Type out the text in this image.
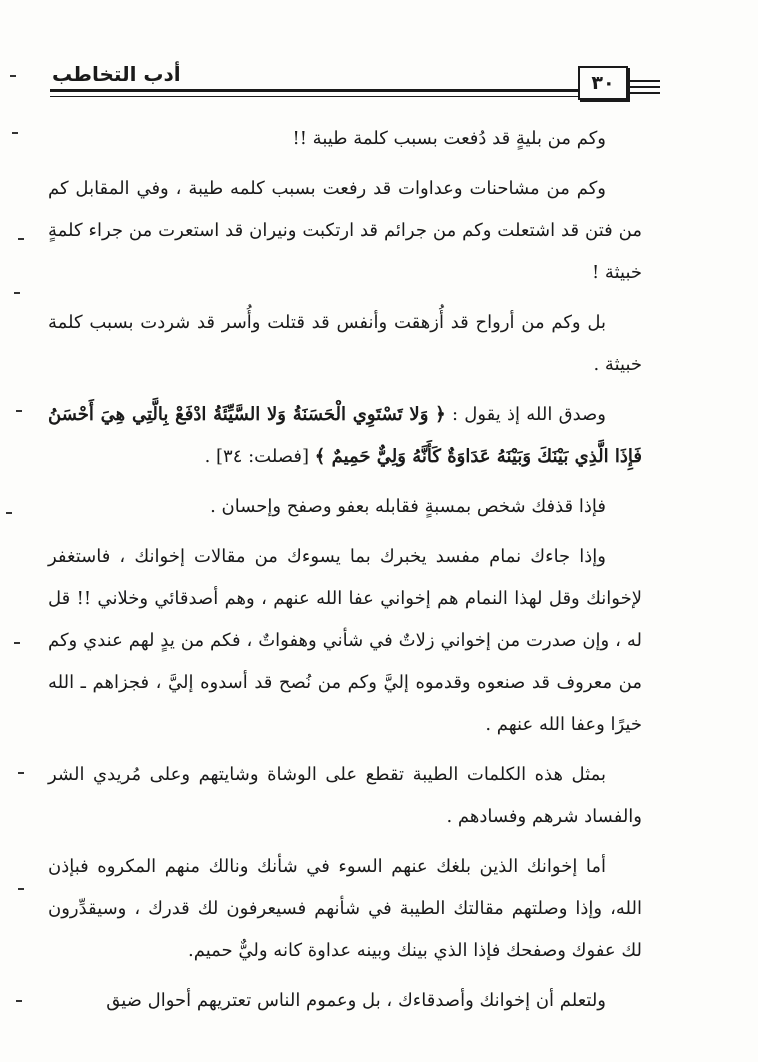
أدب التخاطب	٣٠

وكم من بليةٍ قد دُفعت بسبب كلمة طيبة !!

وكم من مشاحنات وعداوات قد رفعت بسبب كلمه طيبة ، وفي المقابل كم من فتن قد اشتعلت وكم من جرائم قد ارتكبت ونيران قد استعرت من جراء كلمةٍ خبيثة !

بل وكم من أرواح قد أُزهقت وأنفس قد قتلت وأُسر قد شردت بسبب كلمة خبيثة .

وصدق الله إذ يقول : ﴿ وَلا تَسْتَوِي الْحَسَنَةُ وَلا السَّيِّئَةُ ادْفَعْ بِالَّتِي هِيَ أَحْسَنُ فَإِذَا الَّذِي بَيْنَكَ وَبَيْنَهُ عَدَاوَةٌ كَأَنَّهُ وَلِيٌّ حَمِيمٌ ﴾ [فصلت: ٣٤] .

فإذا قذفك شخص بمسبةٍ فقابله بعفو وصفح وإحسان .

وإذا جاءك نمام مفسد يخبرك بما يسوءك من مقالات إخوانك ، فاستغفر لإخوانك وقل لهذا النمام هم إخواني عفا الله عنهم ، وهم أصدقائي وخلاني !! قل له ، وإن صدرت من إخواني زلاتٌ في شأني وهفواتٌ ، فكم من يدٍ لهم عندي وكم من معروف قد صنعوه وقدموه إليَّ وكم من نُصح قد أسدوه إليَّ ، فجزاهم ـ الله خيرًا وعفا الله عنهم .

بمثل هذه الكلمات الطيبة تقطع على الوشاة وشايتهم وعلى مُريدي الشر والفساد شرهم وفسادهم .

أما إخوانك الذين بلغك عنهم السوء في شأنك ونالك منهم المكروه فبإذن الله، وإذا وصلتهم مقالتك الطيبة في شأنهم فسيعرفون لك قدرك ، وسيقدِّرون لك عفوك وصفحك فإذا الذي بينك وبينه عداوة كانه وليٌّ حميم.

ولتعلم أن إخوانك وأصدقاءك ، بل وعموم الناس تعتريهم أحوال ضيق
